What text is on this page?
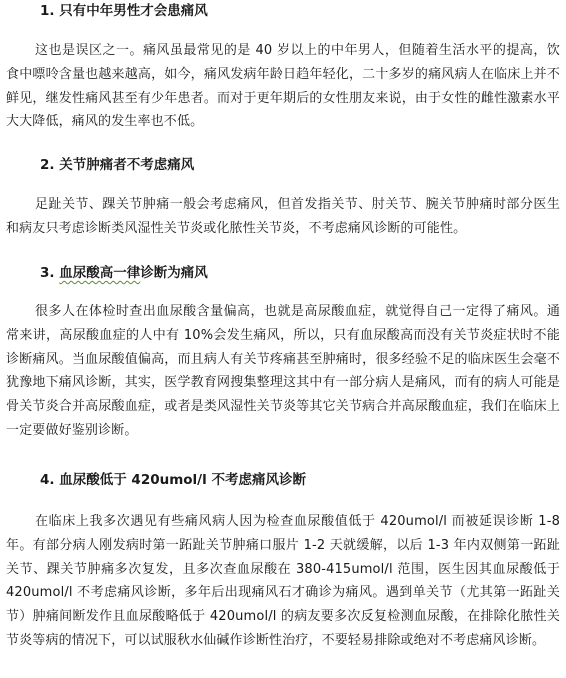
1. 只有中年男性才会患痛风

这也是误区之一。痛风虽最常见的是 40 岁以上的中年男人，但随着生活水平的提高，饮食中嘌呤含量也越来越高，如今，痛风发病年龄日趋年轻化，二十多岁的痛风病人在临床上并不鲜见，继发性痛风甚至有少年患者。而对于更年期后的女性朋友来说，由于女性的雌性激素水平大大降低，痛风的发生率也不低。

2. 关节肿痛者不考虑痛风

足趾关节、踝关节肿痛一般会考虑痛风，但首发指关节、肘关节、腕关节肿痛时部分医生和病友只考虑诊断类风湿性关节炎或化脓性关节炎，不考虑痛风诊断的可能性。

3. 血尿酸高一律诊断为痛风

很多人在体检时查出血尿酸含量偏高，也就是高尿酸血症，就觉得自己一定得了痛风。通常来讲，高尿酸血症的人中有 10%会发生痛风，所以，只有血尿酸高而没有关节炎症状时不能诊断痛风。当血尿酸值偏高，而且病人有关节疼痛甚至肿痛时，很多经验不足的临床医生会毫不犹豫地下痛风诊断，其实，医学教育网搜集整理这其中有一部分病人是痛风，而有的病人可能是骨关节炎合并高尿酸血症，或者是类风湿性关节炎等其它关节病合并高尿酸血症，我们在临床上一定要做好鉴别诊断。

4. 血尿酸低于 420umol/l 不考虑痛风诊断

在临床上我多次遇见有些痛风病人因为检查血尿酸值低于 420umol/l 而被延误诊断 1-8 年。有部分病人刚发病时第一跖趾关节肿痛口服片 1-2 天就缓解，以后 1-3 年内双侧第一跖趾关节、踝关节肿痛多次复发，且多次查血尿酸在 380-415umol/l 范围，医生因其血尿酸低于 420umol/l 不考虑痛风诊断，多年后出现痛风石才确诊为痛风。遇到单关节（尤其第一跖趾关节）肿痛间断发作且血尿酸略低于 420umol/l 的病友要多次反复检测血尿酸，在排除化脓性关节炎等病的情况下，可以试服秋水仙碱作诊断性治疗，不要轻易排除或绝对不考虑痛风诊断。
